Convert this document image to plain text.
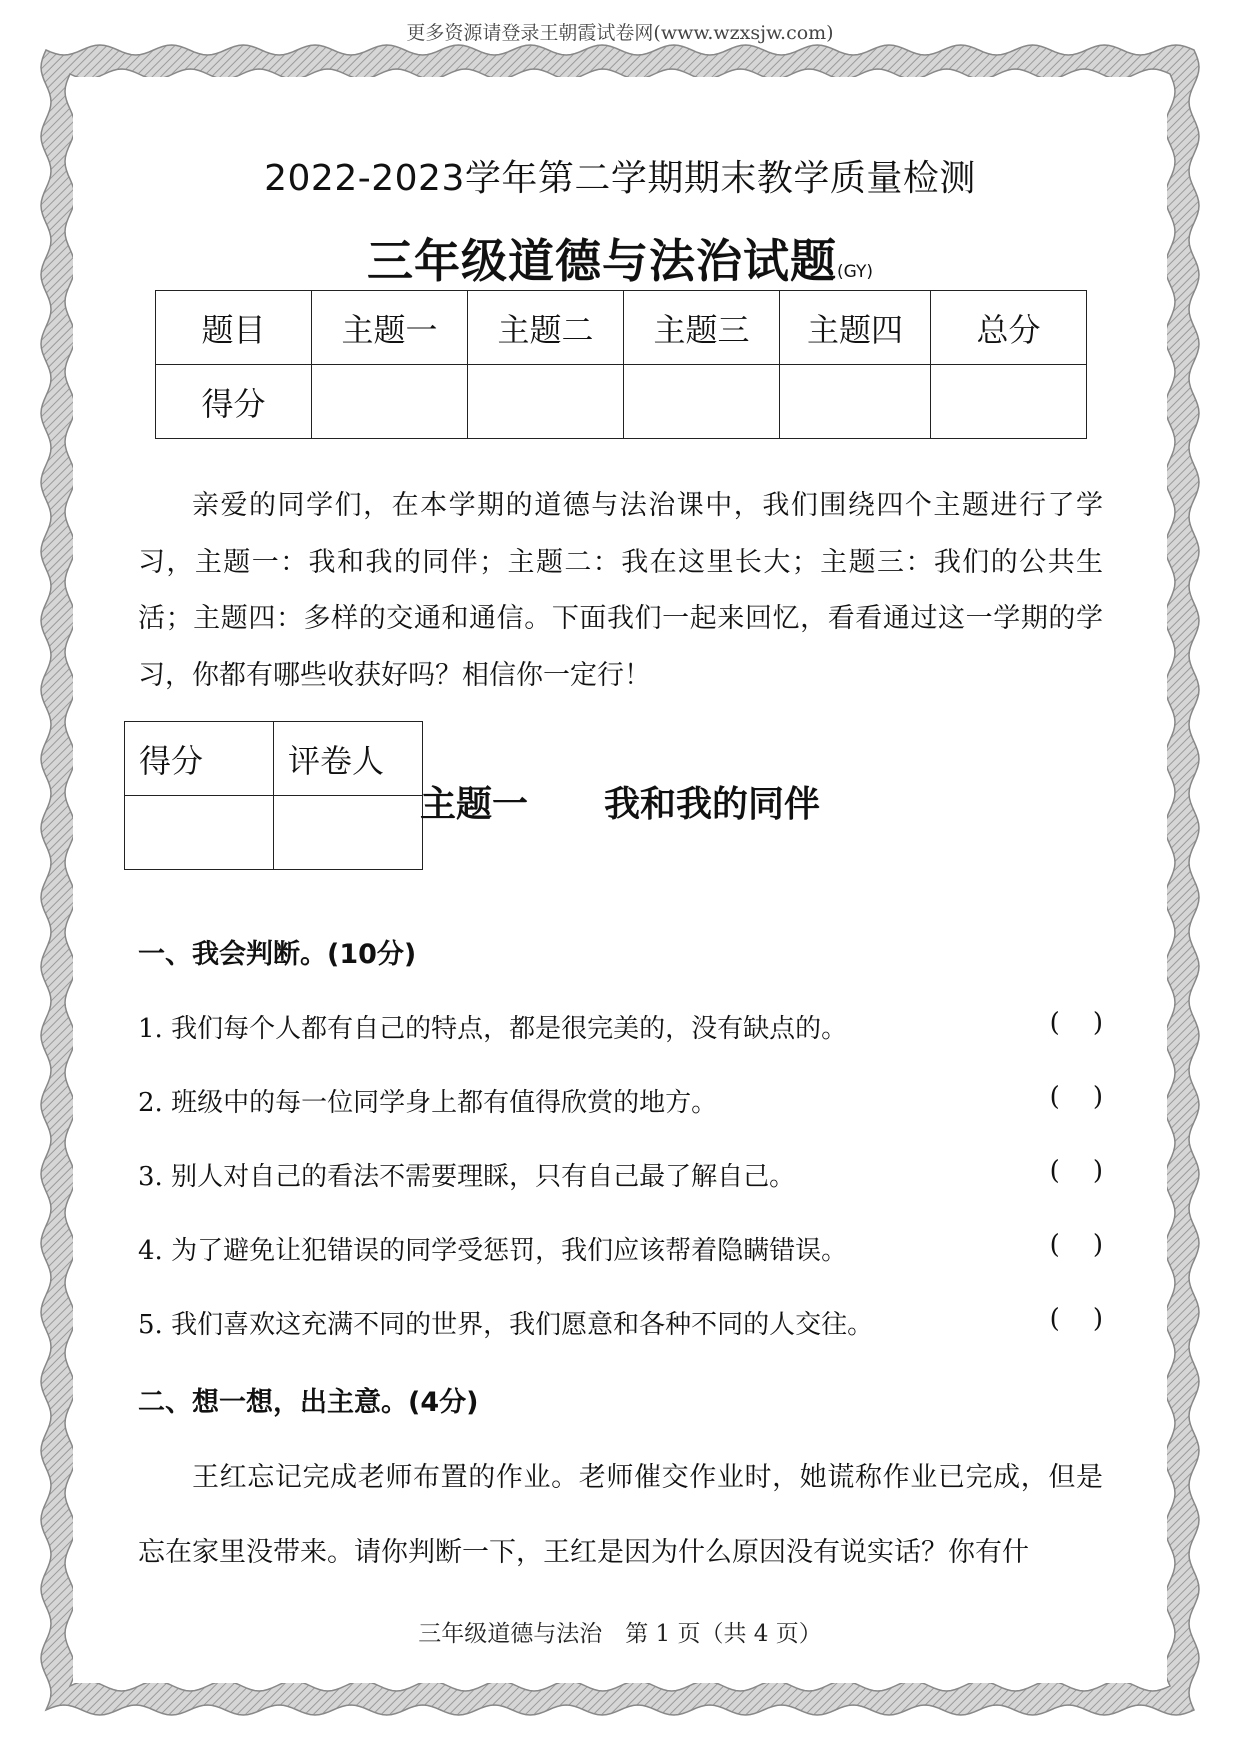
更多资源请登录王朝霞试卷网(www.wzxsjw.com)
2022-2023学年第二学期期末教学质量检测
三年级道德与法治试题(GY)
题目	主题一	主题二	主题三	主题四	总分
得分					
亲爱的同学们，在本学期的道德与法治课中，我们围绕四个主题进行了学习，主题一：我和我的同伴；主题二：我在这里长大；主题三：我们的公共生活；主题四：多样的交通和通信。下面我们一起来回忆，看看通过这一学期的学习，你都有哪些收获好吗？相信你一定行！
得分	评卷人

主题一 我和我的同伴
一、我会判断。(10分)
1. 我们每个人都有自己的特点，都是很完美的，没有缺点的。	(    )
2. 班级中的每一位同学身上都有值得欣赏的地方。	(    )
3. 别人对自己的看法不需要理睬，只有自己最了解自己。	(    )
4. 为了避免让犯错误的同学受惩罚，我们应该帮着隐瞒错误。	(    )
5. 我们喜欢这充满不同的世界，我们愿意和各种不同的人交往。	(    )
二、想一想，出主意。(4分)
王红忘记完成老师布置的作业。老师催交作业时，她谎称作业已完成，但是忘在家里没带来。请你判断一下，王红是因为什么原因没有说实话？你有什
三年级道德与法治　第 1 页（共 4 页）
